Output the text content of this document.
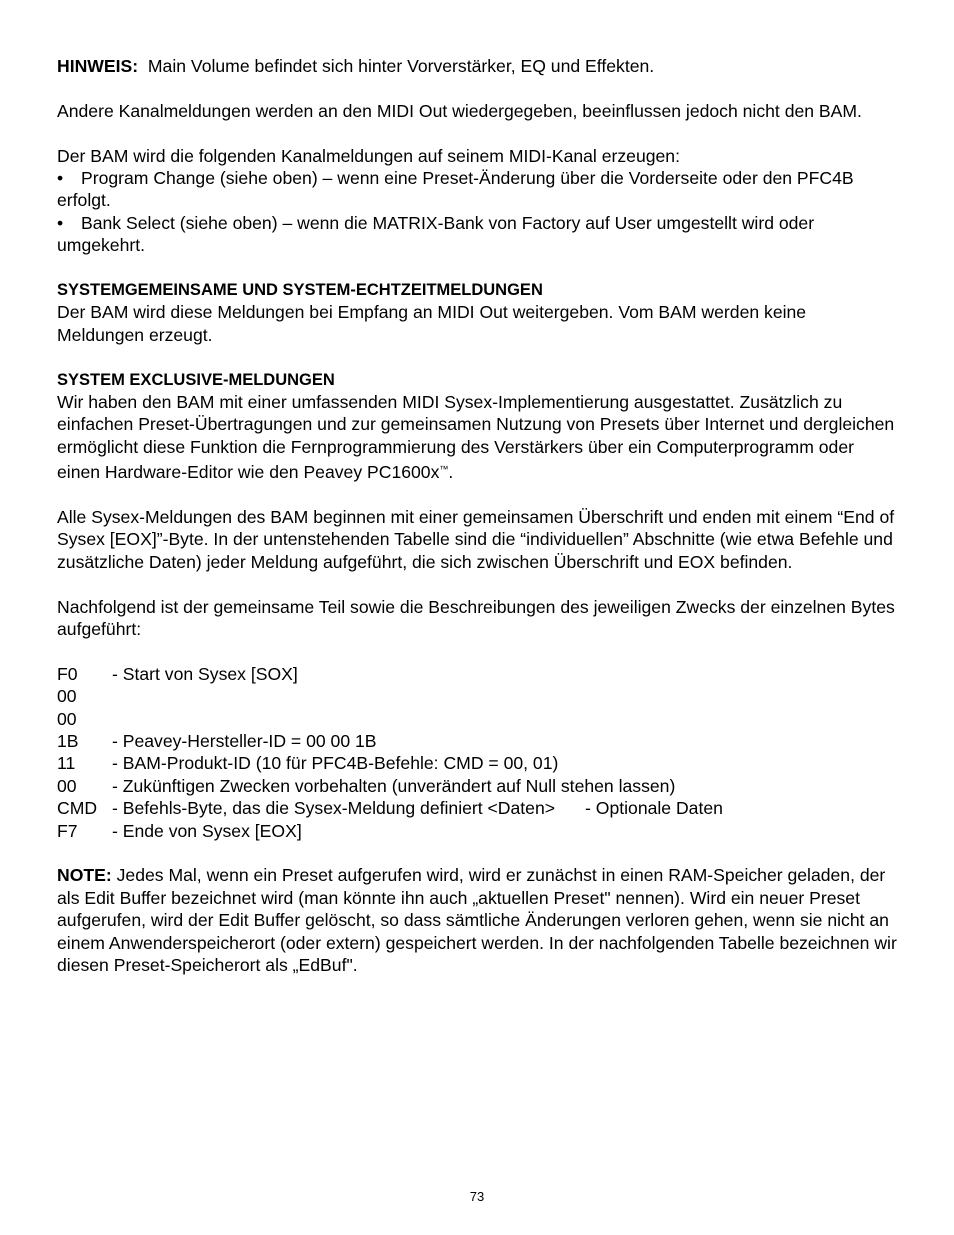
HINWEIS: Main Volume befindet sich hinter Vorverstärker, EQ und Effekten.

Andere Kanalmeldungen werden an den MIDI Out wiedergegeben, beeinflussen jedoch nicht den BAM.

Der BAM wird die folgenden Kanalmeldungen auf seinem MIDI-Kanal erzeugen:
• Program Change (siehe oben) – wenn eine Preset-Änderung über die Vorderseite oder den PFC4B erfolgt.
• Bank Select (siehe oben) – wenn die MATRIX-Bank von Factory auf User umgestellt wird oder umgekehrt.

SYSTEMGEMEINSAME UND SYSTEM-ECHTZEITMELDUNGEN
Der BAM wird diese Meldungen bei Empfang an MIDI Out weitergeben. Vom BAM werden keine Meldungen erzeugt.

SYSTEM EXCLUSIVE-MELDUNGEN
Wir haben den BAM mit einer umfassenden MIDI Sysex-Implementierung ausgestattet. Zusätzlich zu einfachen Preset-Übertragungen und zur gemeinsamen Nutzung von Presets über Internet und dergleichen ermöglicht diese Funktion die Fernprogrammierung des Verstärkers über ein Computerprogramm oder einen Hardware-Editor wie den Peavey PC1600x™.

Alle Sysex-Meldungen des BAM beginnen mit einer gemeinsamen Überschrift und enden mit einem “End of Sysex [EOX]”-Byte. In der untenstehenden Tabelle sind die “individuellen” Abschnitte (wie etwa Befehle und zusätzliche Daten) jeder Meldung aufgeführt, die sich zwischen Überschrift und EOX befinden.

Nachfolgend ist der gemeinsame Teil sowie die Beschreibungen des jeweiligen Zwecks der einzelnen Bytes aufgeführt:

F0	- Start von Sysex [SOX]
00
00
1B	- Peavey-Hersteller-ID = 00 00 1B
11	- BAM-Produkt-ID (10 für PFC4B-Befehle: CMD = 00, 01)
00	- Zukünftigen Zwecken vorbehalten (unverändert auf Null stehen lassen)
CMD - Befehls-Byte, das die Sysex-Meldung definiert <Daten> - Optionale Daten
F7	- Ende von Sysex [EOX]

NOTE: Jedes Mal, wenn ein Preset aufgerufen wird, wird er zunächst in einen RAM-Speicher geladen, der als Edit Buffer bezeichnet wird (man könnte ihn auch „aktuellen Preset" nennen). Wird ein neuer Preset aufgerufen, wird der Edit Buffer gelöscht, so dass sämtliche Änderungen verloren gehen, wenn sie nicht an einem Anwenderspeicherort (oder extern) gespeichert werden. In der nachfolgenden Tabelle bezeichnen wir diesen Preset-Speicherort als „EdBuf".

73
